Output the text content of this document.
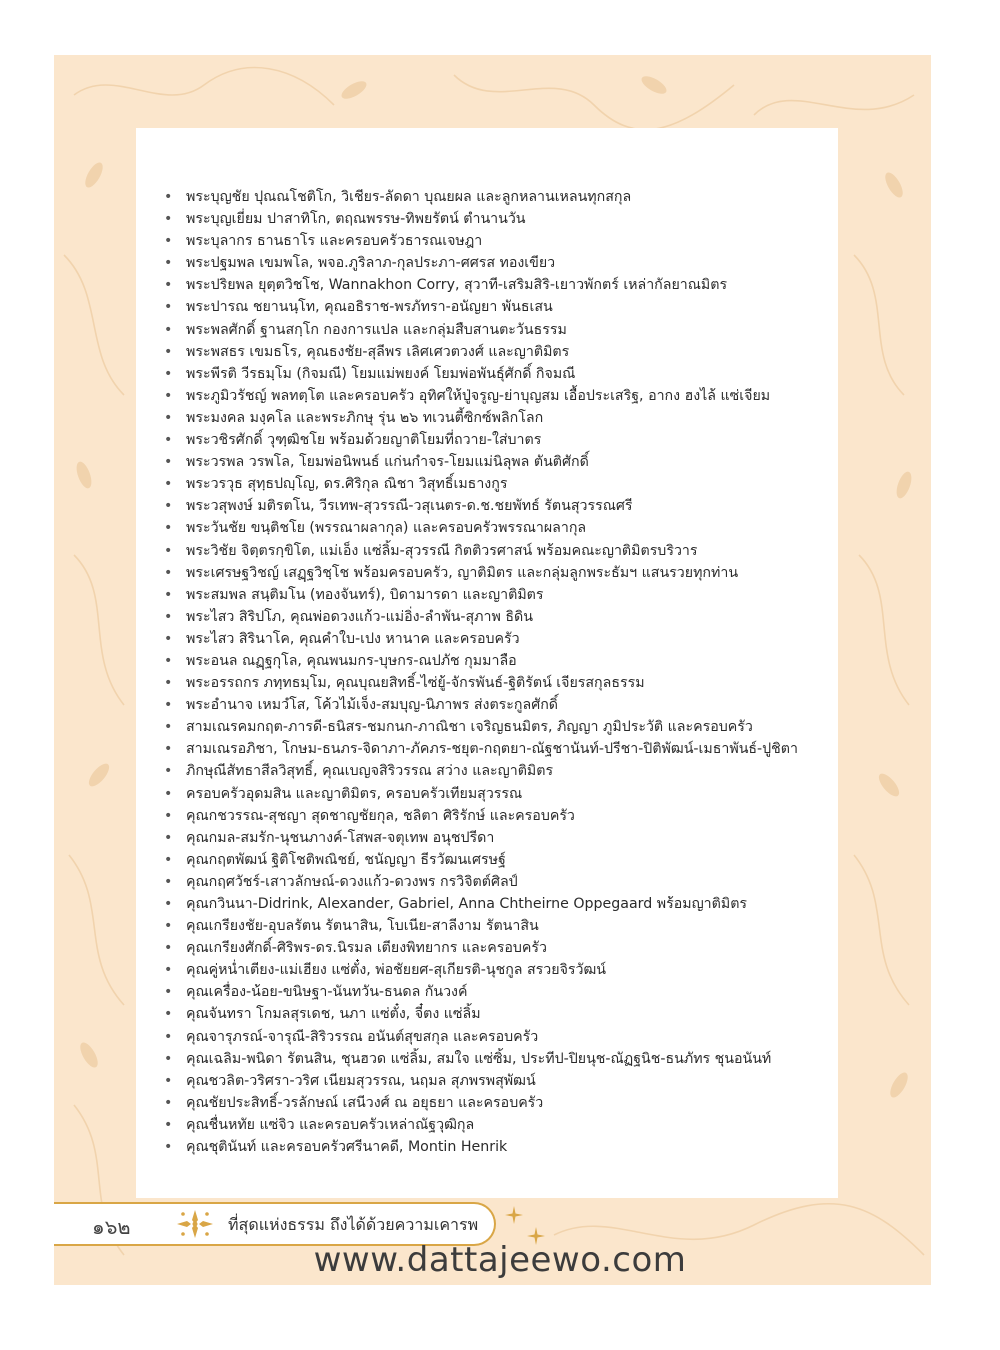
• พระบุญชัย ปุณณโชติโก, วิเชียร-ลัดดา บุณยผล และลูกหลานเหลนทุกสกุล
• พระบุญเยี่ยม ปาสาทิโก, ตฤณพรรษ-ทิพยรัตน์ ตำนานวัน
• พระบุลากร ธานธาโร และครอบครัวธารณเจษฎา
• พระปฐมพล เขมพโล, พจอ.ภูริลาภ-กุลประภา-ศศรส ทองเขียว
• พระปริยพล ยุตฺตวิชโช, Wannakhon Corry, สุวาที-เสริมสิริ-เยาวพักตร์ เหล่ากัลยาณมิตร
• พระปารณ ชยานนฺโท, คุณอธิราช-พรภัทรา-อนัญยา พันธเสน
• พระพลศักดิ์ ฐานสกฺโก กองการแปล และกลุ่มสืบสานตะวันธรรม
• พระพสธร เขมธโร, คุณธงชัย-สุลีพร เลิศเศวตวงศ์ และญาติมิตร
• พระพีรติ วีรธมฺโม (กิจมณี) โยมแม่พยงค์ โยมพ่อพันธุ์ศักดิ์ กิจมณี
• พระภูมิวรัชญ์ พลทตฺโต และครอบครัว อุทิศให้ปู่จรูญ-ย่าบุญสม เอื้อประเสริฐ, อากง ฮงไล้ แซ่เจียม
• พระมงคล มงฺคโล และพระภิกษุ รุ่น ๒๖ ทเวนตี้ซิกซ์พลิกโลก
• พระวชิรศักดิ์ วุฑฺฒิชโย พร้อมด้วยญาติโยมที่ถวาย-ใส่บาตร
• พระวรพล วรพโล, โยมพ่อนิพนธ์ แก่นกำจร-โยมแม่นิลุพล ตันติศักดิ์
• พระวรวุธ สุทฺธปญฺโญ, ดร.ศิริกุล ณิชา วิสุทธิ์เมธางกูร
• พระวสุพงษ์ มติรตโน, วีรเทพ-สุวรรณี-วสุเนตร-ด.ช.ชยพัทธ์ รัตนสุวรรณศรี
• พระวันชัย ขนฺติชโย (พรรณาผลากุล) และครอบครัวพรรณาผลากุล
• พระวิชัย จิตฺตรกฺขิโต, แม่เอ็ง แซ่ลิ้ม-สุวรรณี กิตติวรศาสน์ พร้อมคณะญาติมิตรบริวาร
• พระเศรษฐวิชญ์ เสฏฺฐวิชฺโช พร้อมครอบครัว, ญาติมิตร และกลุ่มลูกพระธัมฯ แสนรวยทุกท่าน
• พระสมพล สนฺติมโน (ทองจันทร์), บิดามารดา และญาติมิตร
• พระไสว สิริปโภ, คุณพ่อดวงแก้ว-แม่อิ่ง-ลำพัน-สุภาพ ธิดิน
• พระไสว สิรินาโค, คุณคำใบ-เปง หานาค และครอบครัว
• พระอนล ณฏฺฐกุโล, คุณพนมกร-บุษกร-ณปภัช กุมมาลือ
• พระอรรถกร ภทฺทธมฺโม, คุณบุณยสิทธิ์-ไซ่ยู้-จักรพันธ์-ฐิติรัตน์ เจียรสกุลธรรม
• พระอำนาจ เหมวํโส, โค้วไม้เจ็ง-สมบุญ-นิภาพร ส่งตระกูลศักดิ์
• สามเณรคมกฤต-ภารดี-ธนิสร-ชมกนก-ภาณิชา เจริญธนมิตร, ภิญญา ภูมิประวัติ และครอบครัว
• สามเณรอภิชา, โกษม-ธนภร-จิดาภา-ภัคภร-ชยุต-กฤตยา-ณัฐชานันท์-ปรีชา-ปิติพัฒน์-เมธาพันธ์-ปูชิตา
• ภิกษุณีสัทธาสีลวิสุทธิ์, คุณเบญจสิริวรรณ สว่าง และญาติมิตร
• ครอบครัวอุดมสิน และญาติมิตร, ครอบครัวเทียมสุวรรณ
• คุณกชวรรณ-สุชญา สุดชาญชัยกุล, ชลิตา ศิริรักษ์ และครอบครัว
• คุณกมล-สมรัก-นุชนภางค์-โสพส-จตุเทพ อนุชปรีดา
• คุณกฤตพัฒน์ ฐิติโชติพณิชย์, ชนัญญา ธีรวัฒนเศรษฐ์
• คุณกฤศวัชร์-เสาวลักษณ์-ดวงแก้ว-ดวงพร กรวิจิตต์ศิลป์
• คุณกวินนา-Didrink, Alexander, Gabriel, Anna Chtheirne Oppegaard พร้อมญาติมิตร
• คุณเกรียงชัย-อุบลรัตน รัตนาสิน, โบเนีย-สาลีงาม รัตนาสิน
• คุณเกรียงศักดิ์-ศิริพร-ดร.นิรมล เตียงพิทยากร และครอบครัว
• คุณคู่หน่ำเตียง-แม่เฮียง แซ่ตั๋ง, พ่อชัยยศ-สุเกียรติ-นุชกูล สรวยจิรวัฒน์
• คุณเครื่อง-น้อย-ขนิษฐา-นันทวัน-ธนดล กันวงค์
• คุณจันทรา โกมลสุรเดช, นภา แซ่ตั๋ง, จี๋ตง แซ่ลิ้ม
• คุณจารุภรณ์-จารุณี-สิริวรรณ อนันต์สุขสกุล และครอบครัว
• คุณเฉลิม-พนิดา รัตนสิน, ชุนฮวด แซ่ลิ้ม, สมใจ แซ่ซิ้ม, ประทีป-ปิยนุช-ณัฏฐนิช-ธนภัทร ชุนอนันท์
• คุณชวลิต-วริศรา-วริศ เนียมสุวรรณ, นฤมล สุภพรพสุพัฒน์
• คุณชัยประสิทธิ์-วรลักษณ์ เสนีวงศ์ ณ อยุธยา และครอบครัว
• คุณชื่นหทัย แซ่จิว และครอบครัวเหล่าณัฐวุฒิกุล
• คุณชุตินันท์ และครอบครัวศรีนาคดี, Montin Henrik
๑๖๒	ที่สุดแห่งธรรม ถึงได้ด้วยความเคารพ
www.dattajeewo.com
